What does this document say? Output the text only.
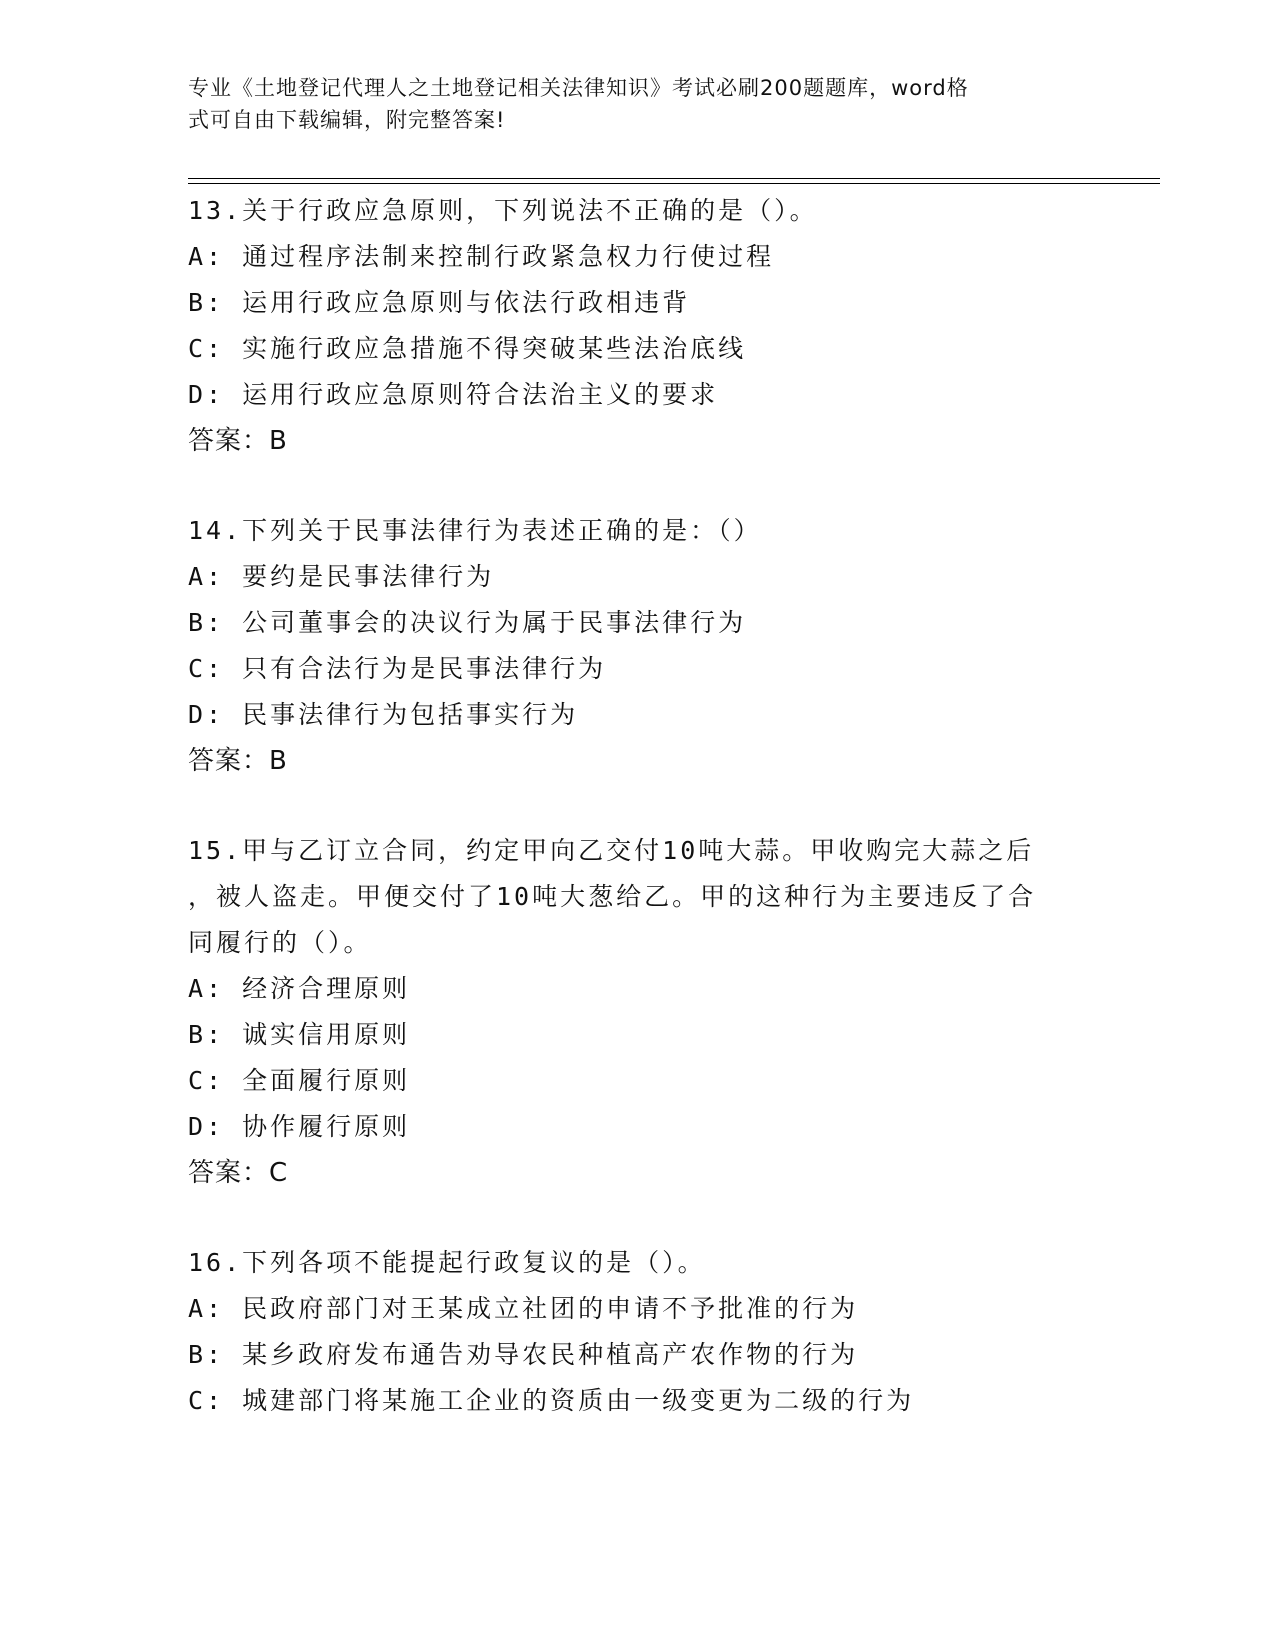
专业《土地登记代理人之土地登记相关法律知识》考试必刷200题题库，word格
式可自由下载编辑，附完整答案!
13.关于行政应急原则，下列说法不正确的是（）。
A: 通过程序法制来控制行政紧急权力行使过程
B: 运用行政应急原则与依法行政相违背
C: 实施行政应急措施不得突破某些法治底线
D: 运用行政应急原则符合法治主义的要求
答案：B
14.下列关于民事法律行为表述正确的是：（）
A: 要约是民事法律行为
B: 公司董事会的决议行为属于民事法律行为
C: 只有合法行为是民事法律行为
D: 民事法律行为包括事实行为
答案：B
15.甲与乙订立合同，约定甲向乙交付10吨大蒜。甲收购完大蒜之后
，被人盗走。甲便交付了10吨大葱给乙。甲的这种行为主要违反了合
同履行的（）。
A: 经济合理原则
B: 诚实信用原则
C: 全面履行原则
D: 协作履行原则
答案：C
16.下列各项不能提起行政复议的是（）。
A: 民政府部门对王某成立社团的申请不予批准的行为
B: 某乡政府发布通告劝导农民种植高产农作物的行为
C: 城建部门将某施工企业的资质由一级变更为二级的行为
